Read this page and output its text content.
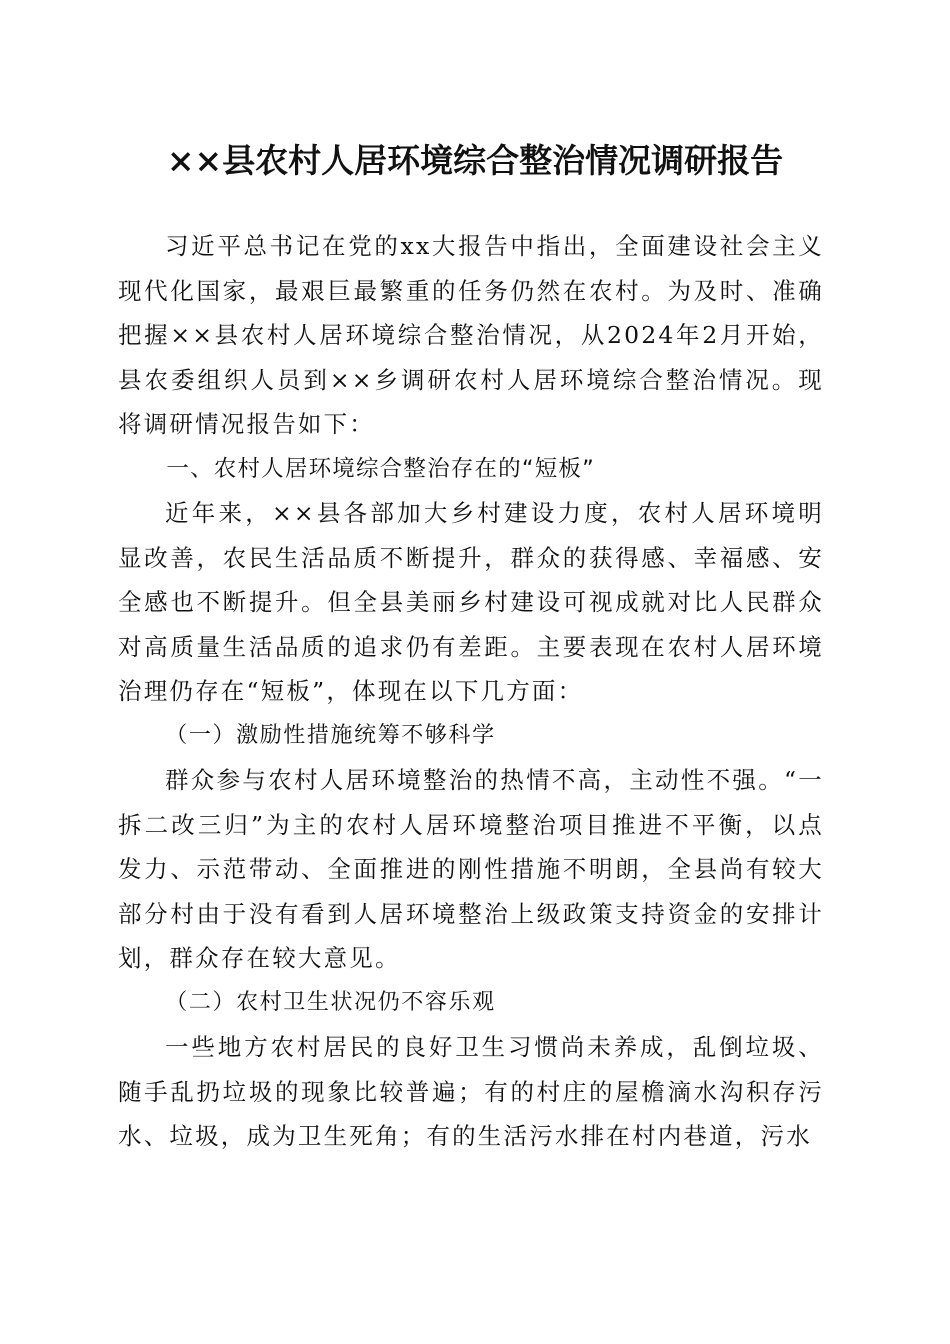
××县农村人居环境综合整治情况调研报告

习近平总书记在党的xx大报告中指出，全面建设社会主义现代化国家，最艰巨最繁重的任务仍然在农村。为及时、准确把握××县农村人居环境综合整治情况，从2024年2月开始，县农委组织人员到××乡调研农村人居环境综合整治情况。现将调研情况报告如下：

一、农村人居环境综合整治存在的“短板”

近年来，××县各部加大乡村建设力度，农村人居环境明显改善，农民生活品质不断提升，群众的获得感、幸福感、安全感也不断提升。但全县美丽乡村建设可视成就对比人民群众对高质量生活品质的追求仍有差距。主要表现在农村人居环境治理仍存在“短板”，体现在以下几方面：

（一）激励性措施统筹不够科学

群众参与农村人居环境整治的热情不高，主动性不强。“一拆二改三归”为主的农村人居环境整治项目推进不平衡，以点发力、示范带动、全面推进的刚性措施不明朗，全县尚有较大部分村由于没有看到人居环境整治上级政策支持资金的安排计划，群众存在较大意见。

（二）农村卫生状况仍不容乐观

一些地方农村居民的良好卫生习惯尚未养成，乱倒垃圾、随手乱扔垃圾的现象比较普遍；有的村庄的屋檐滴水沟积存污水、垃圾，成为卫生死角；有的生活污水排在村内巷道，污水
